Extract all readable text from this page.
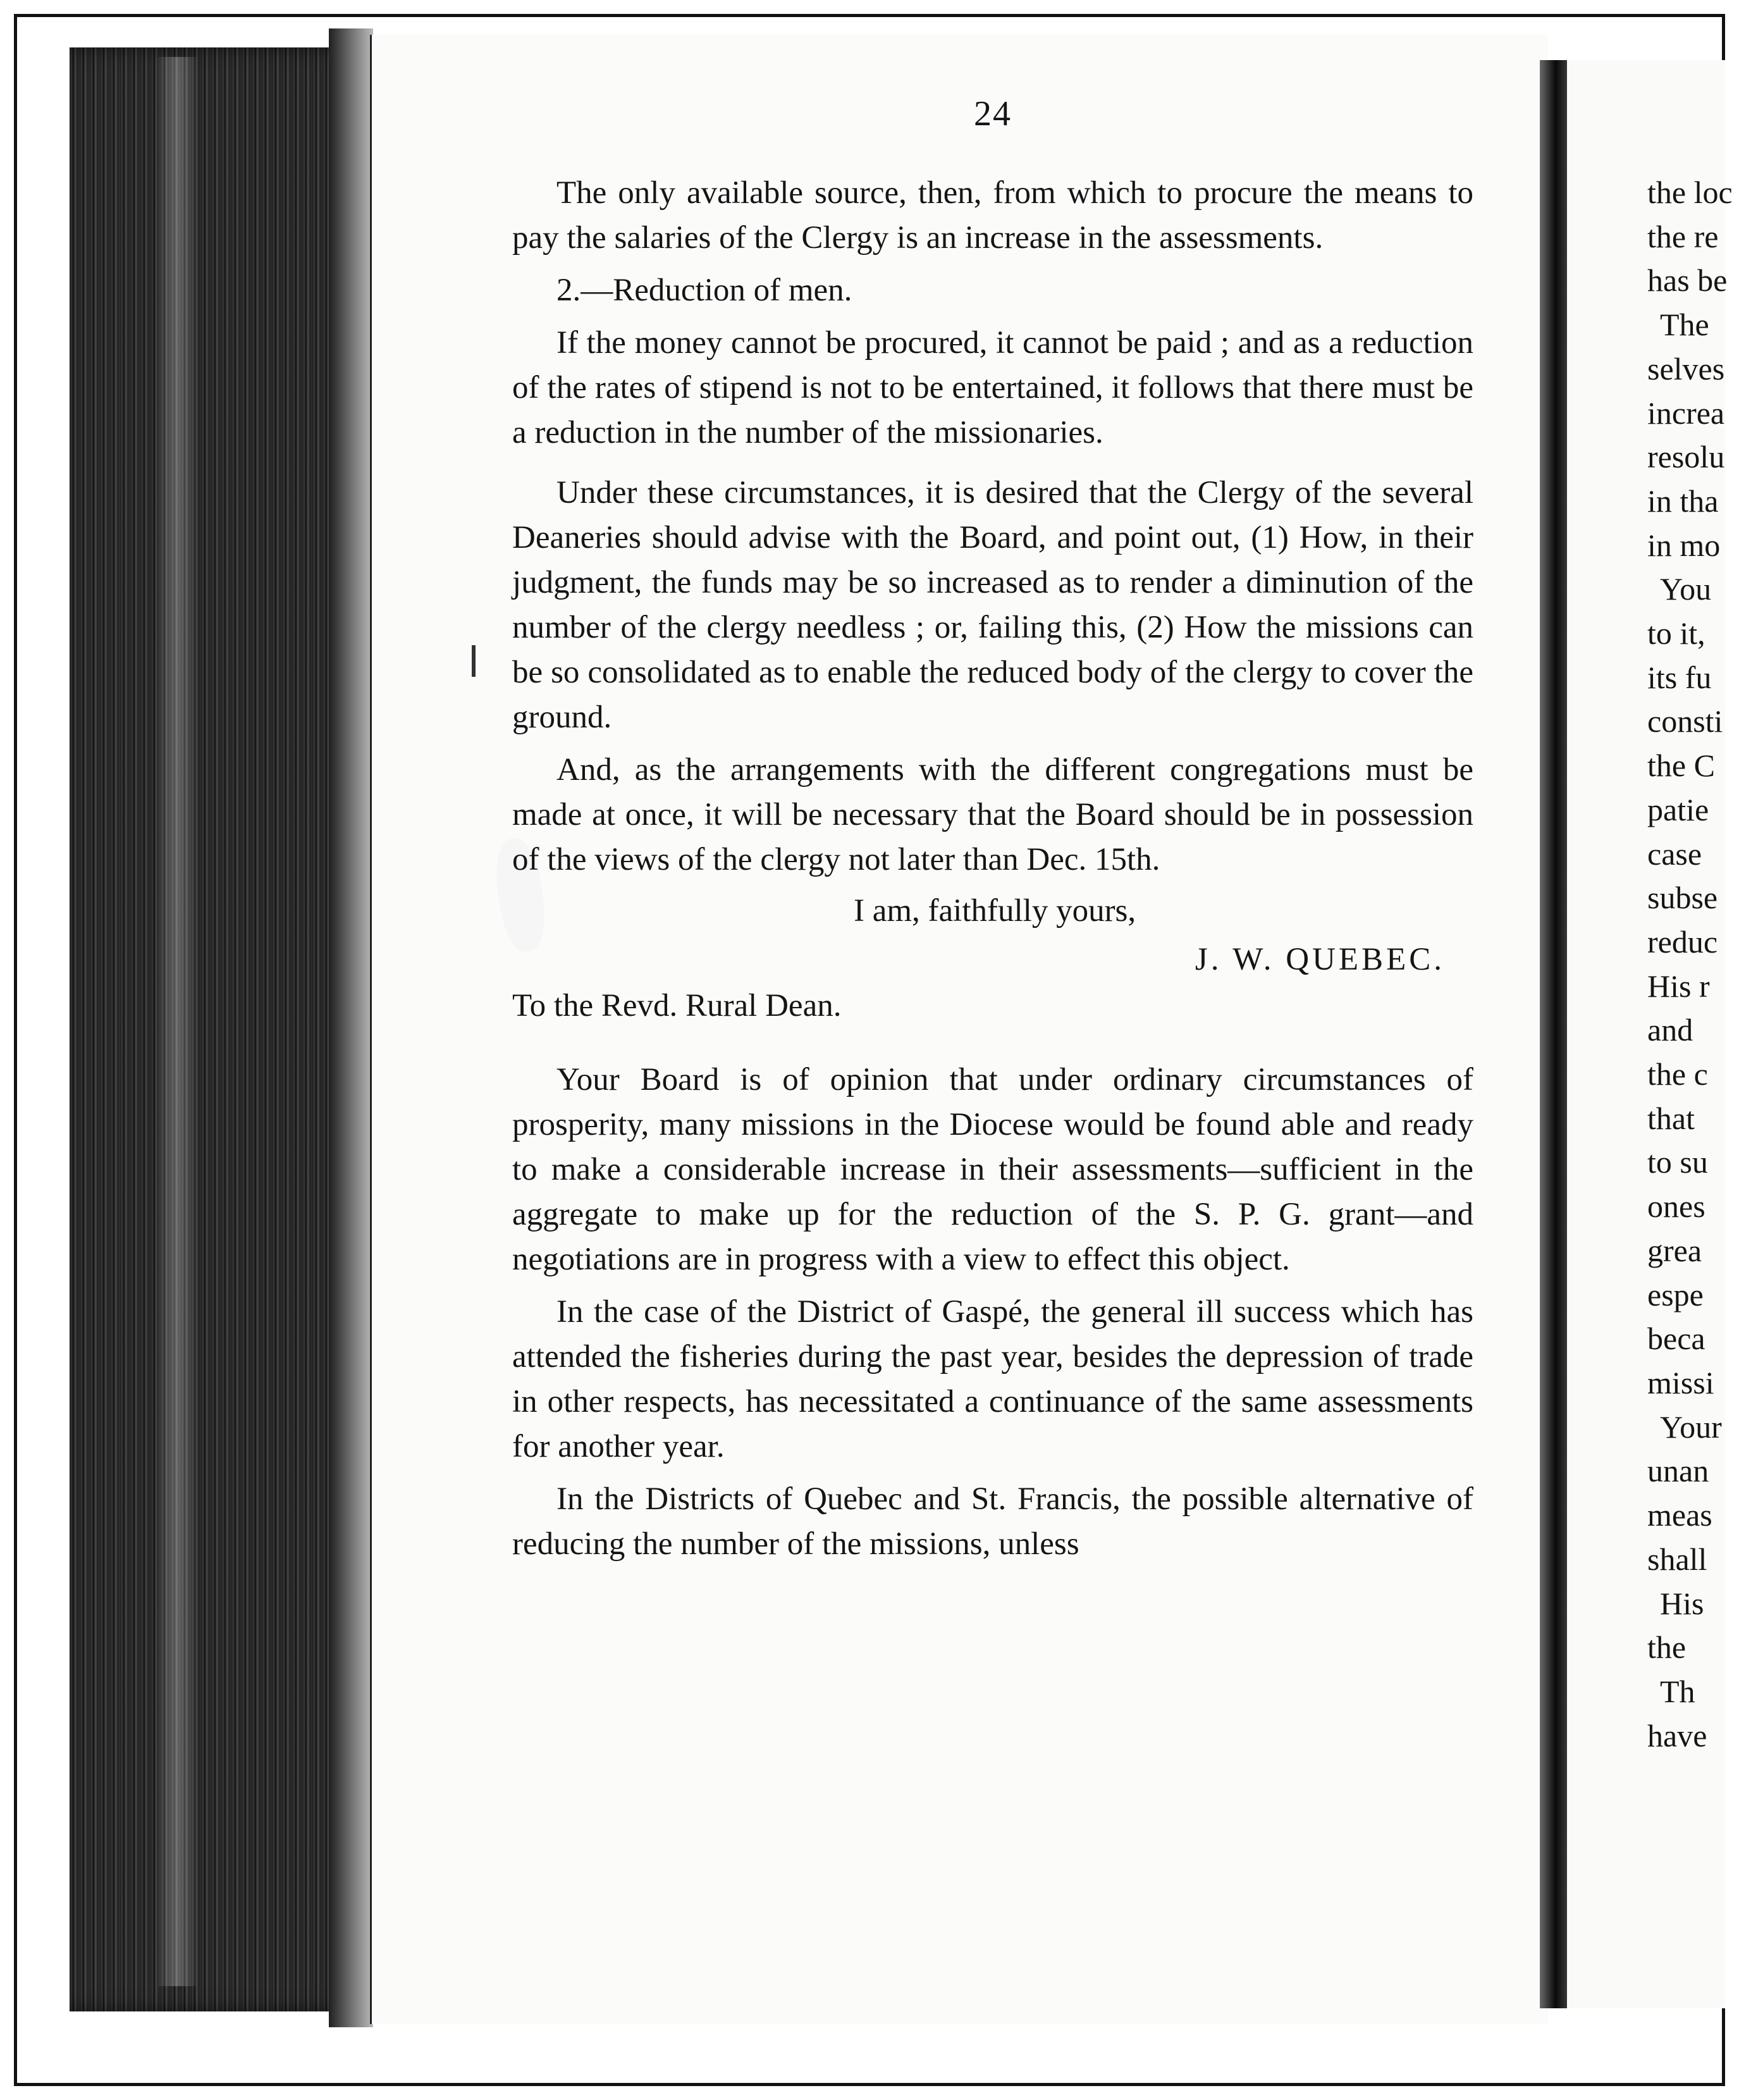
24

The only available source, then, from which to procure the means to pay the salaries of the Clergy is an increase in the assessments.

2.—Reduction of men.

If the money cannot be procured, it cannot be paid ; and as a reduction of the rates of stipend is not to be entertained, it follows that there must be a reduction in the number of the missionaries.

Under these circumstances, it is desired that the Clergy of the several Deaneries should advise with the Board, and point out, (1) How, in their judgment, the funds may be so increased as to render a diminution of the number of the clergy needless ; or, failing this, (2) How the missions can be so consolidated as to enable the reduced body of the clergy to cover the ground.

And, as the arrangements with the different congregations must be made at once, it will be necessary that the Board should be in possession of the views of the clergy not later than Dec. 15th.

I am, faithfully yours,

J. W. QUEBEC.

To the Revd. Rural Dean.

Your Board is of opinion that under ordinary circumstances of prosperity, many missions in the Diocese would be found able and ready to make a considerable increase in their assessments—sufficient in the aggregate to make up for the reduction of the S. P. G. grant—and negotiations are in progress with a view to effect this object.

In the case of the District of Gaspé, the general ill success which has attended the fisheries during the past year, besides the depression of trade in other respects, has necessitated a continuance of the same assessments for another year.

In the Districts of Quebec and St. Francis, the possible alternative of reducing the number of the missions, unless

the loc
the re
has be
The
selves
increa
resolu
in tha
in mo
You
to it,
its fu
consti
the C
patie
case
subse
reduc
His r
and
the c
that
to su
ones
grea
espe
beca
missi
Your
unan
meas
shall
His
the
Th
have
